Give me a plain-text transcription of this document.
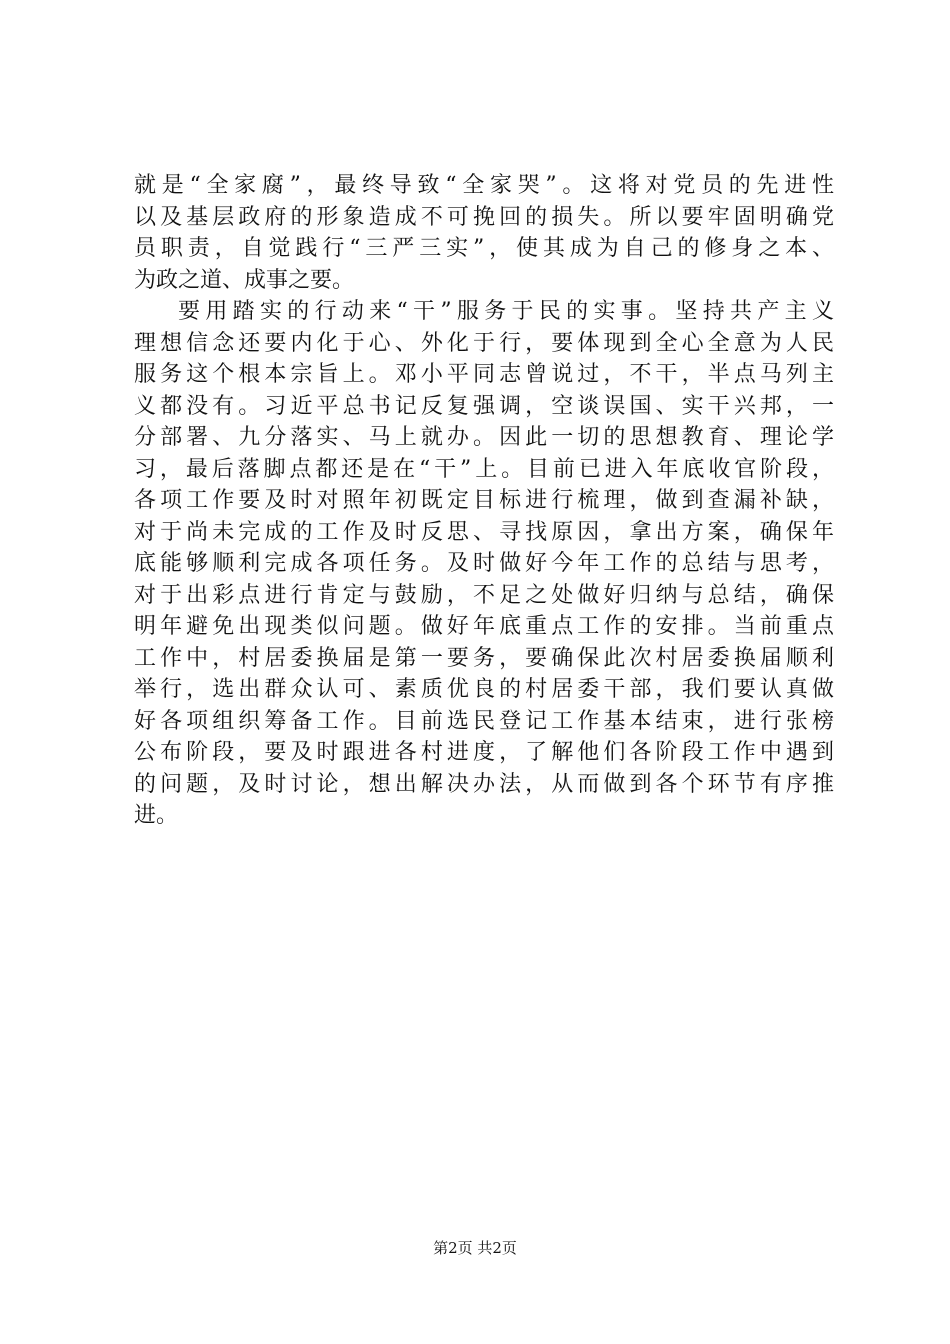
就是“全家腐”，最终导致“全家哭”。这将对党员的先进性
以及基层政府的形象造成不可挽回的损失。所以要牢固明确党
员职责，自觉践行“三严三实”，使其成为自己的修身之本、
为政之道、成事之要。
要用踏实的行动来“干”服务于民的实事。坚持共产主义
理想信念还要内化于心、外化于行，要体现到全心全意为人民
服务这个根本宗旨上。邓小平同志曾说过，不干，半点马列主
义都没有。习近平总书记反复强调，空谈误国、实干兴邦，一
分部署、九分落实、马上就办。因此一切的思想教育、理论学
习，最后落脚点都还是在“干”上。目前已进入年底收官阶段，
各项工作要及时对照年初既定目标进行梳理，做到查漏补缺，
对于尚未完成的工作及时反思、寻找原因，拿出方案，确保年
底能够顺利完成各项任务。及时做好今年工作的总结与思考，
对于出彩点进行肯定与鼓励，不足之处做好归纳与总结，确保
明年避免出现类似问题。做好年底重点工作的安排。当前重点
工作中，村居委换届是第一要务，要确保此次村居委换届顺利
举行，选出群众认可、素质优良的村居委干部，我们要认真做
好各项组织筹备工作。目前选民登记工作基本结束，进行张榜
公布阶段，要及时跟进各村进度，了解他们各阶段工作中遇到
的问题，及时讨论，想出解决办法，从而做到各个环节有序推
进。
第2页 共2页
